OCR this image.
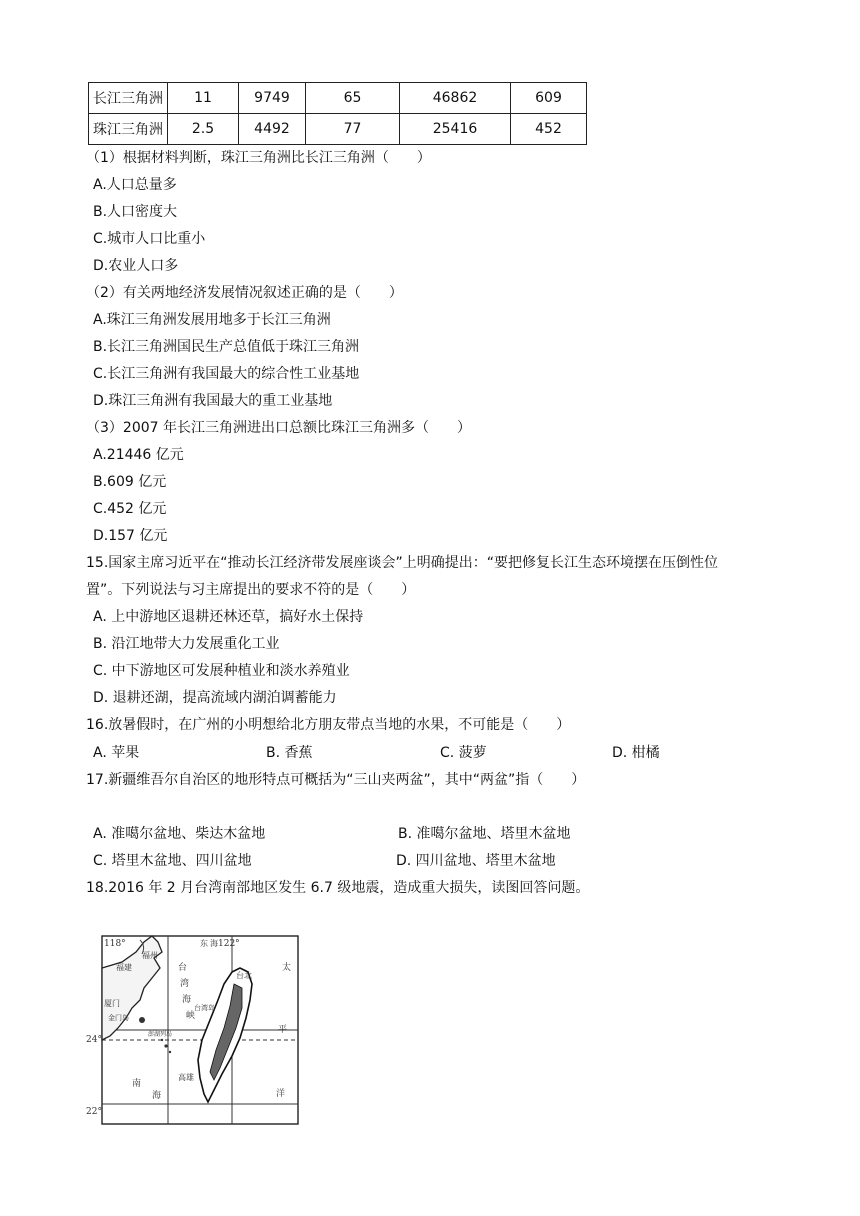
长江三角洲	11	9749	65	46862	609
珠江三角洲	2.5	4492	77	25416	452
（1）根据材料判断，珠江三角洲比长江三角洲（　　）
A.人口总量多
B.人口密度大
C.城市人口比重小
D.农业人口多
（2）有关两地经济发展情况叙述正确的是（　　）
A.珠江三角洲发展用地多于长江三角洲
B.长江三角洲国民生产总值低于珠江三角洲
C.长江三角洲有我国最大的综合性工业基地
D.珠江三角洲有我国最大的重工业基地
（3）2007 年长江三角洲进出口总额比珠江三角洲多（　　）
A.21446 亿元
B.609 亿元
C.452 亿元
D.157 亿元
15.国家主席习近平在“推动长江经济带发展座谈会”上明确提出：“要把修复长江生态环境摆在压倒性位
置”。下列说法与习主席提出的要求不符的是（　　）
A. 上中游地区退耕还林还草，搞好水土保持
B. 沿江地带大力发展重化工业
C. 中下游地区可发展种植业和淡水养殖业
D. 退耕还湖，提高流域内湖泊调蓄能力
16.放暑假时，在广州的小明想给北方朋友带点当地的水果，不可能是（　　）
A. 苹果	B. 香蕉	C. 菠萝	D. 柑橘
17.新疆维吾尔自治区的地形特点可概括为“三山夹两盆”，其中“两盆”指（　　）
A. 准噶尔盆地、柴达木盆地	B. 准噶尔盆地、塔里木盆地
C. 塔里木盆地、四川盆地	D. 四川盆地、塔里木盆地
18.2016 年 2 月台湾南部地区发生 6.7 级地震，造成重大损失，读图回答问题。
118°	122°
24°
22°
福州
福建
厦门
金门岛
台
湾
海
峡
台北
台湾岛
澎湖列岛
高雄
南
海
太
平
洋
东 海
